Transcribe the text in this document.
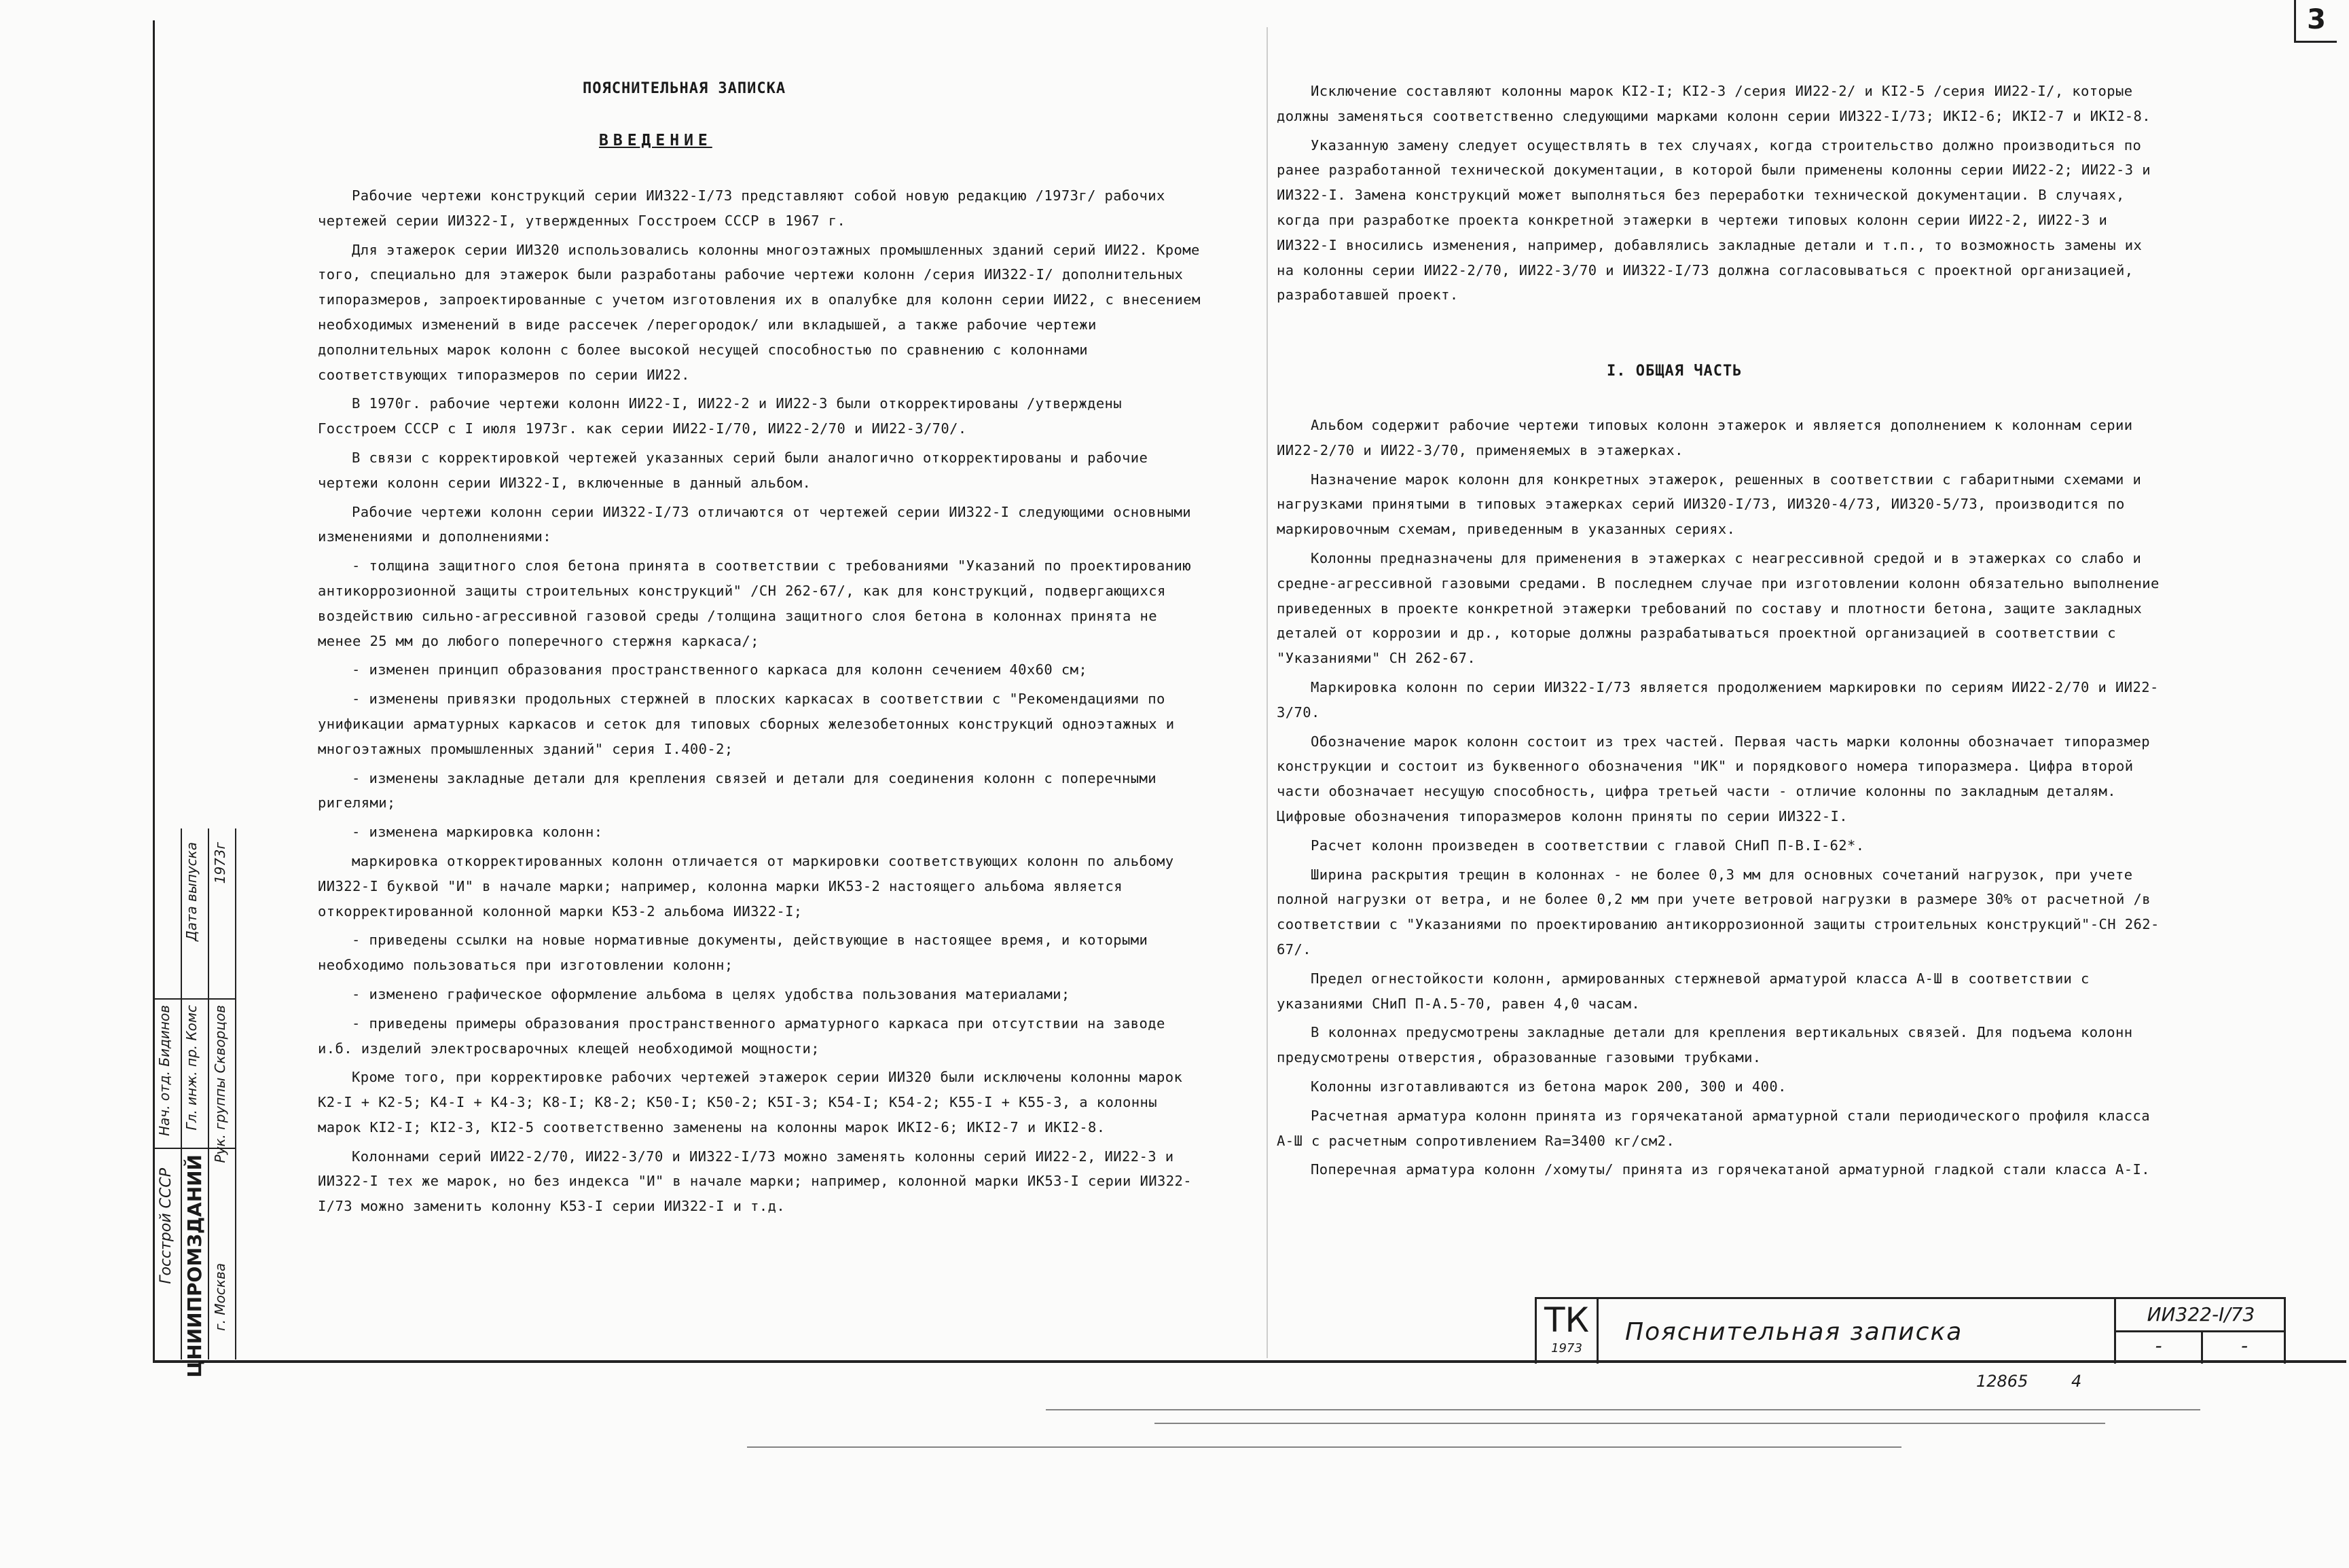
3
ПОЯСНИТЕЛЬНАЯ ЗАПИСКА
ВВЕДЕНИЕ

Рабочие чертежи конструкций серии ИИ322-I/73 представляют собой новую редакцию /1973г/ рабочих чертежей серии ИИ322-I, утвержденных Госстроем СССР в 1967 г.

Для этажерок серии ИИ320 использовались колонны многоэтажных промышленных зданий серий ИИ22. Кроме того, специально для этажерок были разработаны рабочие чертежи колонн /серия ИИ322-I/ дополнительных типоразмеров, запроектированные с учетом изготовления их в опалубке для колонн серии ИИ22, с внесением необходимых изменений в виде рассечек /перегородок/ или вкладышей, а также рабочие чертежи дополнительных марок колонн с более высокой несущей способностью по сравнению с колоннами соответствующих типоразмеров по серии ИИ22.

В 1970г. рабочие чертежи колонн ИИ22-I, ИИ22-2 и ИИ22-3 были откорректированы /утверждены Госстроем СССР с I июля 1973г. как серии ИИ22-I/70, ИИ22-2/70 и ИИ22-3/70/.

В связи с корректировкой чертежей указанных серий были аналогично откорректированы и рабочие чертежи колонн серии ИИ322-I, включенные в данный альбом.

Рабочие чертежи колонн серии ИИ322-I/73 отличаются от чертежей серии ИИ322-I следующими основными изменениями и дополнениями:

- толщина защитного слоя бетона принята в соответствии с требованиями "Указаний по проектированию антикоррозионной защиты строительных конструкций" /СН 262-67/, как для конструкций, подвергающихся воздействию сильно-агрессивной газовой среды /толщина защитного слоя бетона в колоннах принята не менее 25 мм до любого поперечного стержня каркаса/;

- изменен принцип образования пространственного каркаса для колонн сечением 40х60 см;

- изменены привязки продольных стержней в плоских каркасах в соответствии с "Рекомендациями по унификации арматурных каркасов и сеток для типовых сборных железобетонных конструкций одноэтажных и многоэтажных промышленных зданий" серия I.400-2;

- изменены закладные детали для крепления связей и детали для соединения колонн с поперечными ригелями;

- изменена маркировка колонн:

маркировка откорректированных колонн отличается от маркировки соответствующих колонн по альбому ИИ322-I буквой "И" в начале марки; например, колонна марки ИК53-2 настоящего альбома является откорректированной колонной марки К53-2 альбома ИИ322-I;

- приведены ссылки на новые нормативные документы, действующие в настоящее время, и которыми необходимо пользоваться при изготовлении колонн;

- изменено графическое оформление альбома в целях удобства пользования материалами;

- приведены примеры образования пространственного арматурного каркаса при отсутствии на заводе и.б. изделий электросварочных клещей необходимой мощности;

Кроме того, при корректировке рабочих чертежей этажерок серии ИИ320 были исключены колонны марок К2-I + К2-5; К4-I + К4-3; К8-I; К8-2; К50-I; К50-2; К5I-3; К54-I; К54-2; К55-I + К55-3, а колонны марок КI2-I; КI2-3, КI2-5 соответственно заменены на колонны марок ИКI2-6; ИКI2-7 и ИКI2-8.

Колоннами серий ИИ22-2/70, ИИ22-3/70 и ИИ322-I/73 можно заменять колонны серий ИИ22-2, ИИ22-3 и ИИ322-I тех же марок, но без индекса "И" в начале марки; например, колонной марки ИК53-I серии ИИ322-I/73 можно заменить колонну К53-I серии ИИ322-I и т.д.

Исключение составляют колонны марок КI2-I; КI2-3 /серия ИИ22-2/ и КI2-5 /серия ИИ22-I/, которые должны заменяться соответственно следующими марками колонн серии ИИ322-I/73; ИКI2-6; ИКI2-7 и ИКI2-8.

Указанную замену следует осуществлять в тех случаях, когда строительство должно производиться по ранее разработанной технической документации, в которой были применены колонны серии ИИ22-2; ИИ22-3 и ИИ322-I. Замена конструкций может выполняться без переработки технической документации. В случаях, когда при разработке проекта конкретной этажерки в чертежи типовых колонн серии ИИ22-2, ИИ22-3 и ИИ322-I вносились изменения, например, добавлялись закладные детали и т.п., то возможность замены их на колонны серии ИИ22-2/70, ИИ22-3/70 и ИИ322-I/73 должна согласовываться с проектной организацией, разработавшей проект.

I. ОБЩАЯ ЧАСТЬ

Альбом содержит рабочие чертежи типовых колонн этажерок и является дополнением к колоннам серии ИИ22-2/70 и ИИ22-3/70, применяемых в этажерках.

Назначение марок колонн для конкретных этажерок, решенных в соответствии с габаритными схемами и нагрузками принятыми в типовых этажерках серий ИИ320-I/73, ИИ320-4/73, ИИ320-5/73, производится по маркировочным схемам, приведенным в указанных сериях.

Колонны предназначены для применения в этажерках с неагрессивной средой и в этажерках со слабо и средне-агрессивной газовыми средами. В последнем случае при изготовлении колонн обязательно выполнение приведенных в проекте конкретной этажерки требований по составу и плотности бетона, защите закладных деталей от коррозии и др., которые должны разрабатываться проектной организацией в соответствии с "Указаниями" СН 262-67.

Маркировка колонн по серии ИИ322-I/73 является продолжением маркировки по сериям ИИ22-2/70 и ИИ22-3/70.

Обозначение марок колонн состоит из трех частей. Первая часть марки колонны обозначает типоразмер конструкции и состоит из буквенного обозначения "ИК" и порядкового номера типоразмера. Цифра второй части обозначает несущую способность, цифра третьей части - отличие колонны по закладным деталям. Цифровые обозначения типоразмеров колонн приняты по серии ИИ322-I.

Расчет колонн произведен в соответствии с главой СНиП П-В.I-62*.

Ширина раскрытия трещин в колоннах - не более 0,3 мм для основных сочетаний нагрузок, при учете полной нагрузки от ветра, и не более 0,2 мм при учете ветровой нагрузки в размере 30% от расчетной /в соответствии с "Указаниями по проектированию антикоррозионной защиты строительных конструкций"-СН 262-67/.

Предел огнестойкости колонн, армированных стержневой арматурой класса А-Ш в соответствии с указаниями СНиП П-А.5-70, равен 4,0 часам.

В колоннах предусмотрены закладные детали для крепления вертикальных связей. Для подъема колонн предусмотрены отверстия, образованные газовыми трубками.

Колонны изготавливаются из бетона марок 200, 300 и 400.

Расчетная арматура колонн принята из горячекатаной арматурной стали периодического профиля класса А-Ш с расчетным сопротивлением Rа=3400 кг/см2.

Поперечная арматура колонн /хомуты/ принята из горячекатаной арматурной гладкой стали класса А-I.

Госстрой СССР ЦНИИПРОМЗДАНИЙ г. Москва
Нач. отд. Бидинов Гл. инж. пр. Комс Рук. группы Скворцов
1973г
Дата выпуска
ТК
1973
Пояснительная записка
ИИ322-I/73
-	-
12865	4
